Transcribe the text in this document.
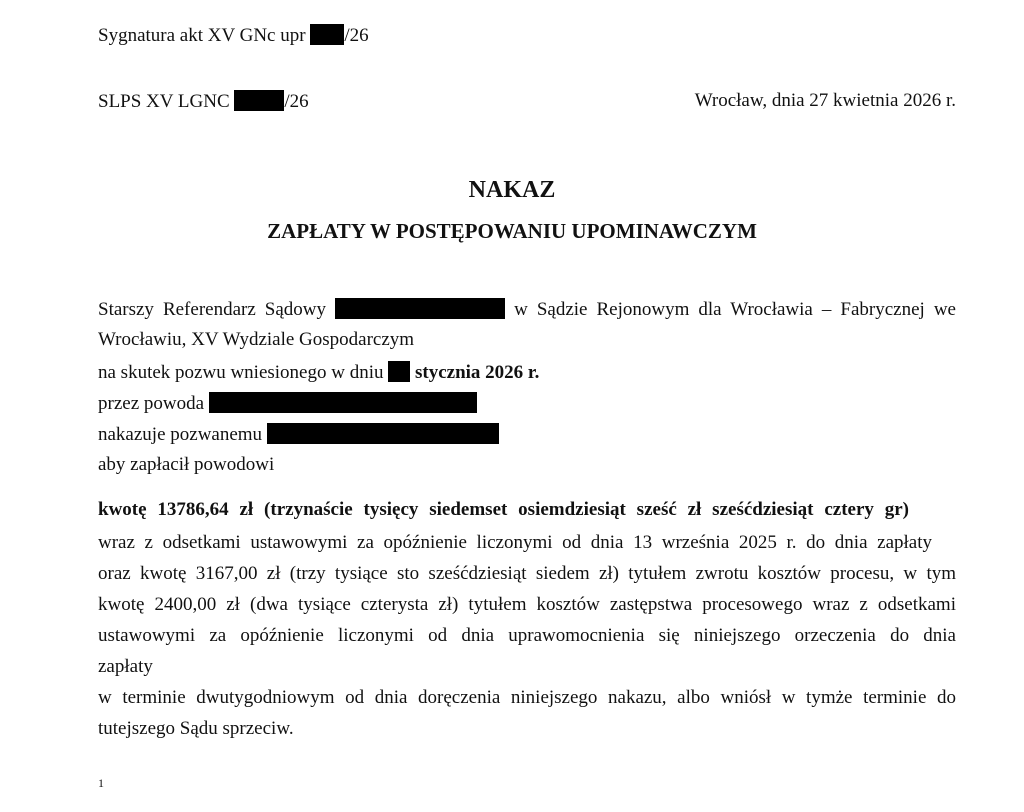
Sygnatura akt XV GNc upr /26
SLPS XV LGNC	/26	Wrocław, dnia 27 kwietnia 2026 r.
NAKAZ
ZAPŁATY W POSTĘPOWANIU UPOMINAWCZYM
Starszy Referendarz Sądowy	w Sądzie Rejonowym dla Wrocławia – Fabrycznej we
Wrocławiu, XV Wydziale Gospodarczym
na skutek pozwu wniesionego w dniu  stycznia 2026 r.
przez powoda
nakazuje pozwanemu
aby zapłacił powodowi
kwotę 13786,64 zł (trzynaście tysięcy siedemset osiemdziesiąt sześć zł sześćdziesiąt cztery gr)
wraz z odsetkami ustawowymi za opóźnienie liczonymi od dnia 13 września 2025 r. do dnia zapłaty
oraz kwotę 3167,00 zł (trzy tysiące sto sześćdziesiąt siedem zł) tytułem zwrotu kosztów procesu, w tym
kwotę 2400,00 zł (dwa tysiące czterysta zł) tytułem kosztów zastępstwa procesowego wraz z odsetkami
ustawowymi za opóźnienie liczonymi od dnia uprawomocnienia się niniejszego orzeczenia do dnia
zapłaty
w terminie dwutygodniowym od dnia doręczenia niniejszego nakazu, albo wniósł w tymże terminie do
tutejszego Sądu sprzeciw.
1
